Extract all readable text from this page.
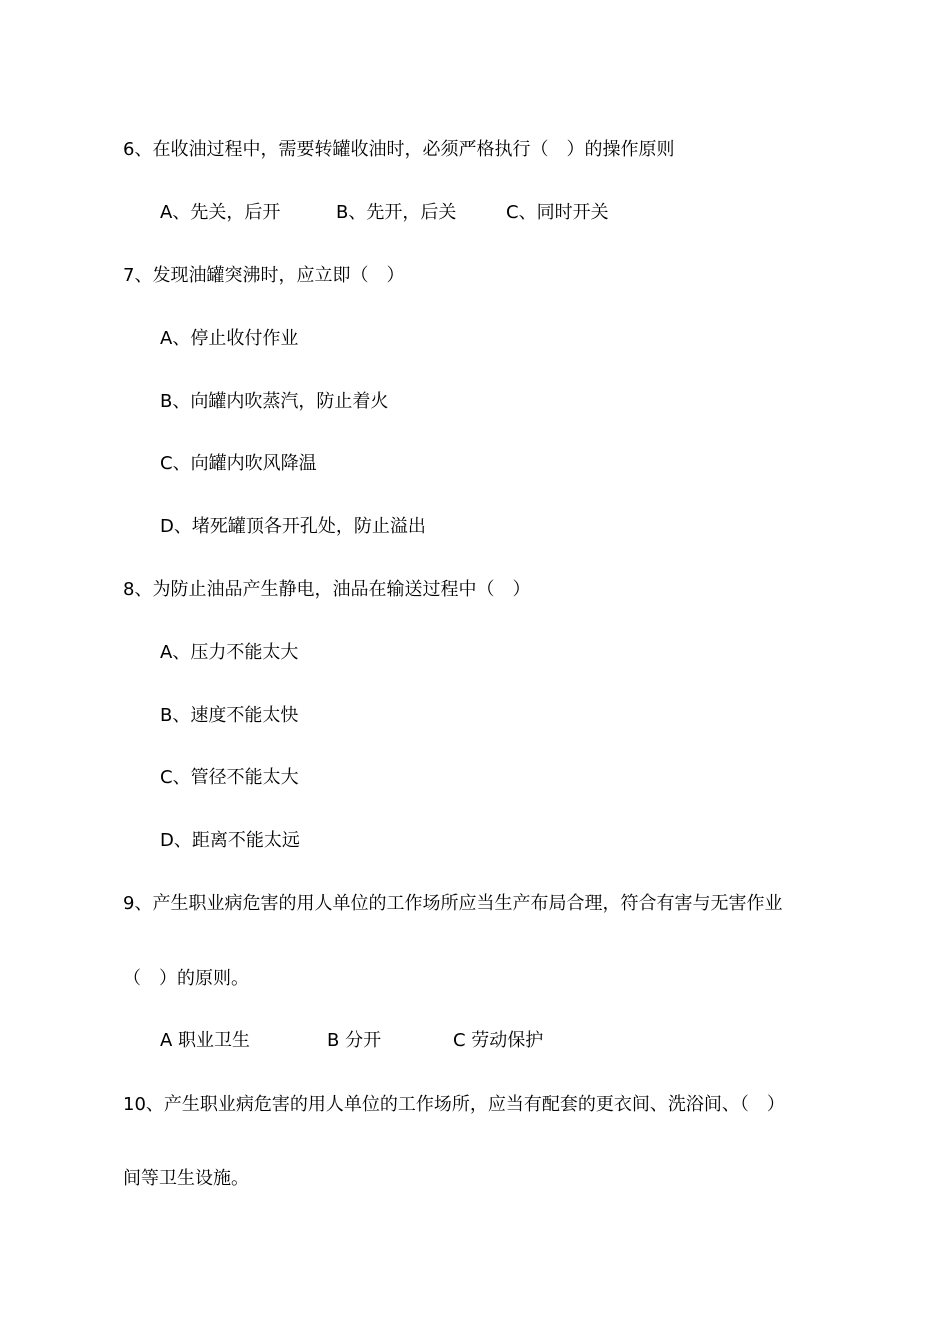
6、在收油过程中，需要转罐收油时，必须严格执行（　）的操作原则
A、先关，后开	B、先开，后关	C、同时开关
7、发现油罐突沸时，应立即（　）
A、停止收付作业
B、向罐内吹蒸汽，防止着火
C、向罐内吹风降温
D、堵死罐顶各开孔处，防止溢出
8、为防止油品产生静电，油品在输送过程中（　）
A、压力不能太大
B、速度不能太快
C、管径不能太大
D、距离不能太远
9、产生职业病危害的用人单位的工作场所应当生产布局合理，符合有害与无害作业
（　）的原则。
A 职业卫生	B 分开	C 劳动保护
10、产生职业病危害的用人单位的工作场所，应当有配套的更衣间、洗浴间、（　）
间等卫生设施。
